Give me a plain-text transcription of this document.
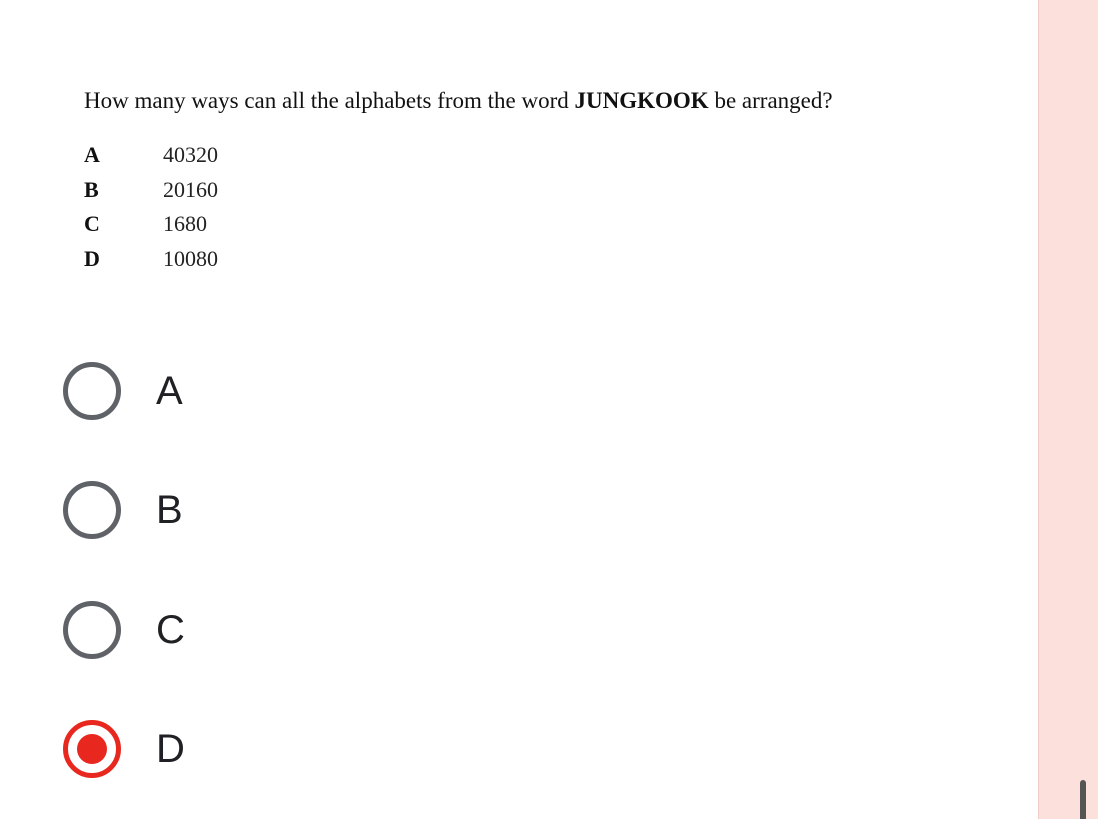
How many ways can all the alphabets from the word JUNGKOOK be arranged?
A	40320
B	20160
C	1680
D	10080
A
B
C
D
